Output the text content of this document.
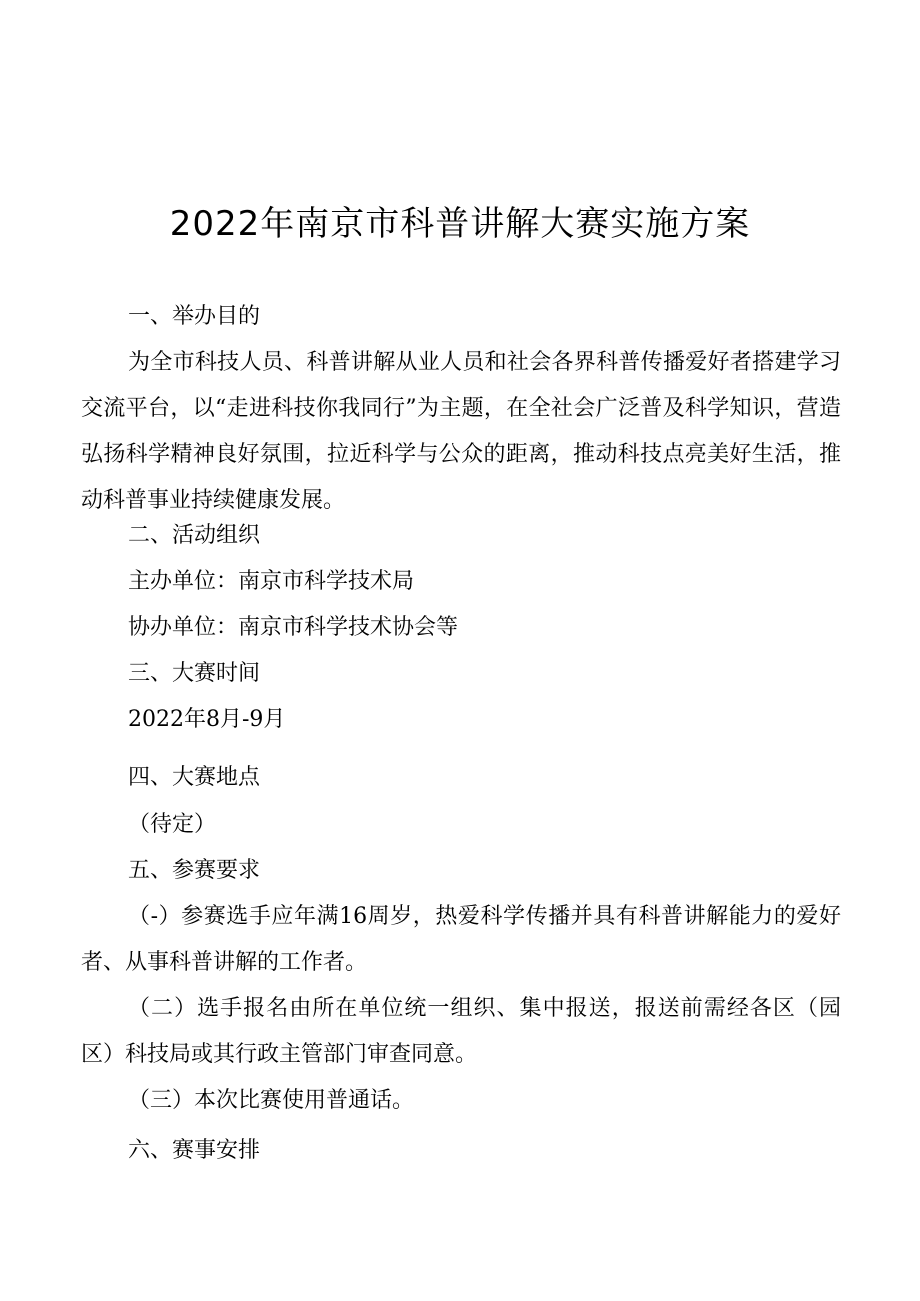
2022年南京市科普讲解大赛实施方案
一、举办目的

为全市科技人员、科普讲解从业人员和社会各界科普传播爱好者搭建学习交流平台，以“走进科技你我同行”为主题，在全社会广泛普及科学知识，营造弘扬科学精神良好氛围，拉近科学与公众的距离，推动科技点亮美好生活，推动科普事业持续健康发展。

二、活动组织
主办单位：南京市科学技术局
协办单位：南京市科学技术协会等
三、大赛时间
2022年8月-9月
四、大赛地点
（待定）
五、参赛要求

（-）参赛选手应年满16周岁，热爱科学传播并具有科普讲解能力的爱好者、从事科普讲解的工作者。

（二）选手报名由所在单位统一组织、集中报送，报送前需经各区（园区）科技局或其行政主管部门审查同意。

（三）本次比赛使用普通话。

六、赛事安排
